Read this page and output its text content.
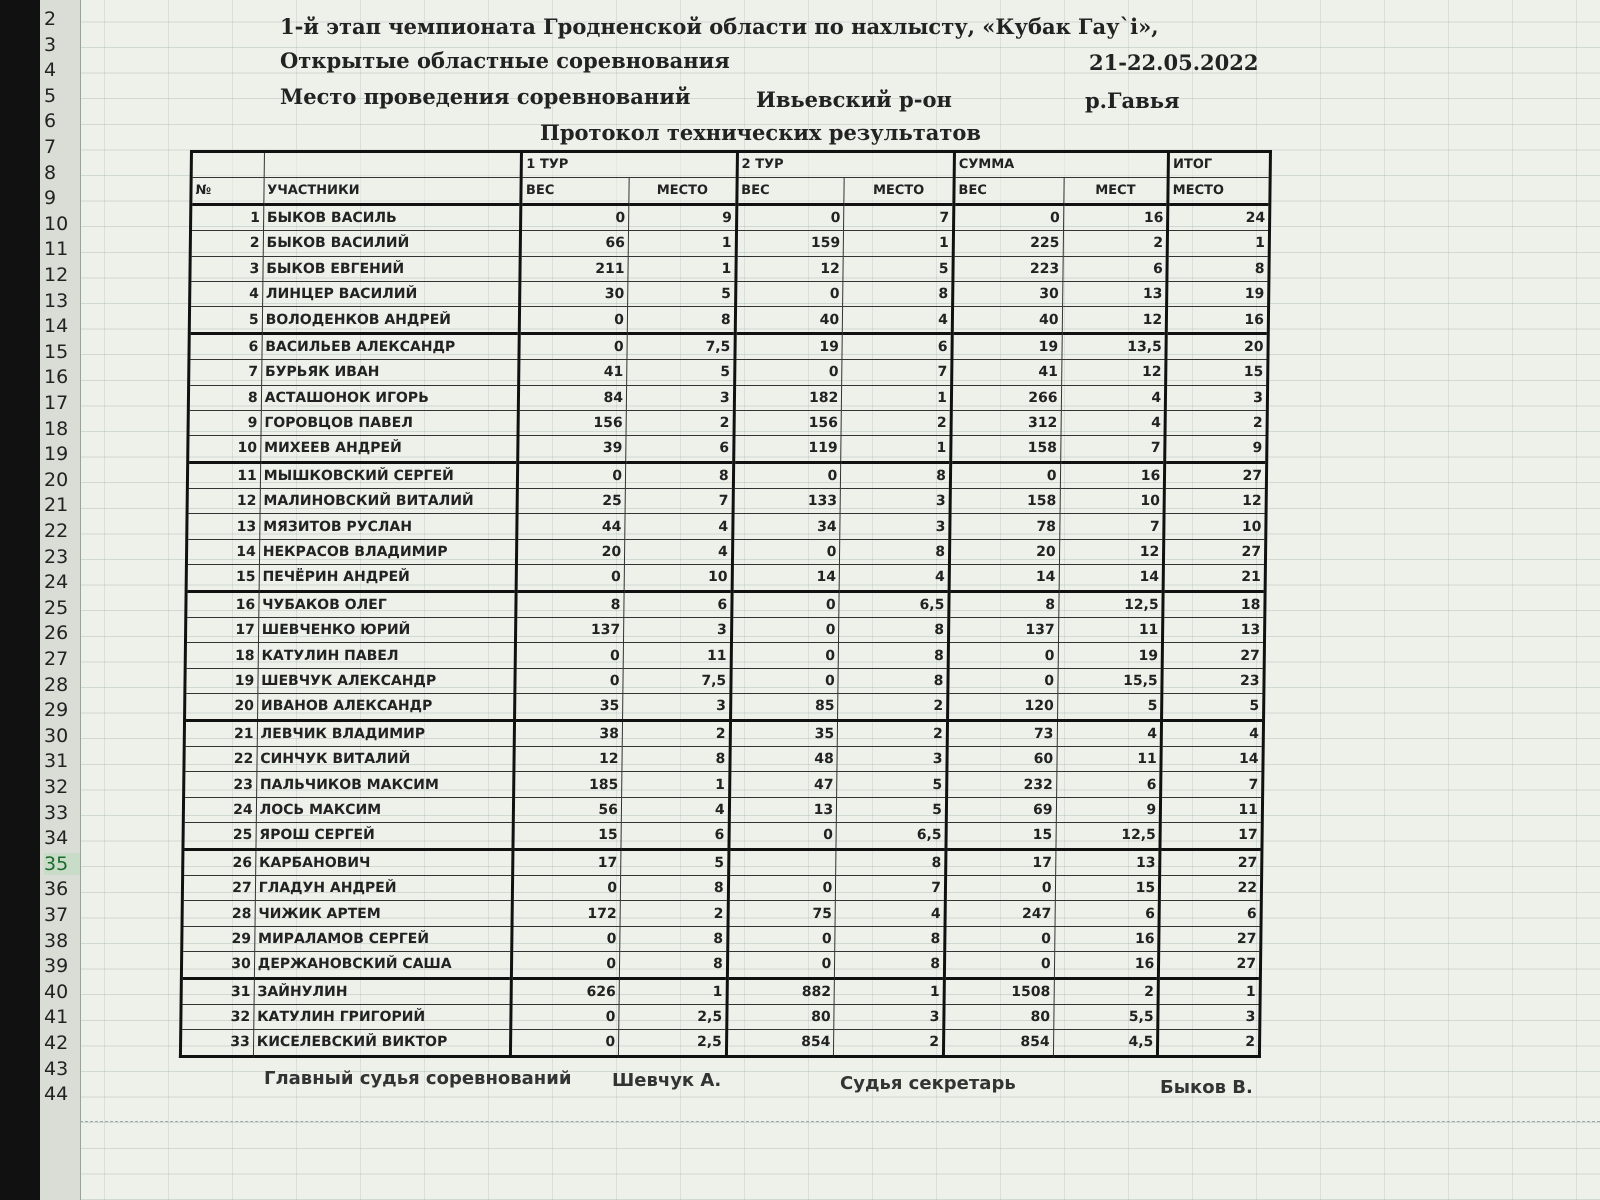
2
3
4
5
6
7
8
9
10
11
12
13
14
15
16
17
18
19
20
21
22
23
24
25
26
27
28
29
30
31
32
33
34
35
36
37
38
39
40
41
42
43
44
1-й этап чемпионата Гродненской области по нахлысту, «Кубак Гау`і»,
Открытые областные соревнования	21-22.05.2022
Место проведения соревнований	Ивьевский р-он	р.Гавья
Протокол технических результатов
		1 ТУР		2 ТУР		СУММА		ИТОГ
№	УЧАСТНИКИ	ВЕС	МЕСТО	ВЕС	МЕСТО	ВЕС	МЕСТ	МЕСТО
1	БЫКОВ ВАСИЛЬ	0	9	0	7	0	16	24
2	БЫКОВ ВАСИЛИЙ	66	1	159	1	225	2	1
3	БЫКОВ ЕВГЕНИЙ	211	1	12	5	223	6	8
4	ЛИНЦЕР ВАСИЛИЙ	30	5	0	8	30	13	19
5	ВОЛОДЕНКОВ АНДРЕЙ	0	8	40	4	40	12	16
6	ВАСИЛЬЕВ АЛЕКСАНДР	0	7,5	19	6	19	13,5	20
7	БУРЬЯК ИВАН	41	5	0	7	41	12	15
8	АСТАШОНОК ИГОРЬ	84	3	182	1	266	4	3
9	ГОРОВЦОВ ПАВЕЛ	156	2	156	2	312	4	2
10	МИХЕЕВ АНДРЕЙ	39	6	119	1	158	7	9
11	МЫШКОВСКИЙ СЕРГЕЙ	0	8	0	8	0	16	27
12	МАЛИНОВСКИЙ ВИТАЛИЙ	25	7	133	3	158	10	12
13	МЯЗИТОВ РУСЛАН	44	4	34	3	78	7	10
14	НЕКРАСОВ ВЛАДИМИР	20	4	0	8	20	12	27
15	ПЕЧЁРИН АНДРЕЙ	0	10	14	4	14	14	21
16	ЧУБАКОВ ОЛЕГ	8	6	0	6,5	8	12,5	18
17	ШЕВЧЕНКО ЮРИЙ	137	3	0	8	137	11	13
18	КАТУЛИН ПАВЕЛ	0	11	0	8	0	19	27
19	ШЕВЧУК АЛЕКСАНДР	0	7,5	0	8	0	15,5	23
20	ИВАНОВ АЛЕКСАНДР	35	3	85	2	120	5	5
21	ЛЕВЧИК ВЛАДИМИР	38	2	35	2	73	4	4
22	СИНЧУК ВИТАЛИЙ	12	8	48	3	60	11	14
23	ПАЛЬЧИКОВ МАКСИМ	185	1	47	5	232	6	7
24	ЛОСЬ МАКСИМ	56	4	13	5	69	9	11
25	ЯРОШ СЕРГЕЙ	15	6	0	6,5	15	12,5	17
26	КАРБАНОВИЧ	17	5		8	17	13	27
27	ГЛАДУН АНДРЕЙ	0	8	0	7	0	15	22
28	ЧИЖИК АРТЕМ	172	2	75	4	247	6	6
29	МИРАЛАМОВ СЕРГЕЙ	0	8	0	8	0	16	27
30	ДЕРЖАНОВСКИЙ САША	0	8	0	8	0	16	27
31	ЗАЙНУЛИН	626	1	882	1	1508	2	1
32	КАТУЛИН ГРИГОРИЙ	0	2,5	80	3	80	5,5	3
33	КИСЕЛЕВСКИЙ ВИКТОР	0	2,5	854	2	854	4,5	2
Главный судья соревнований Шевчук А.	Судья секретарь	Быков В.
